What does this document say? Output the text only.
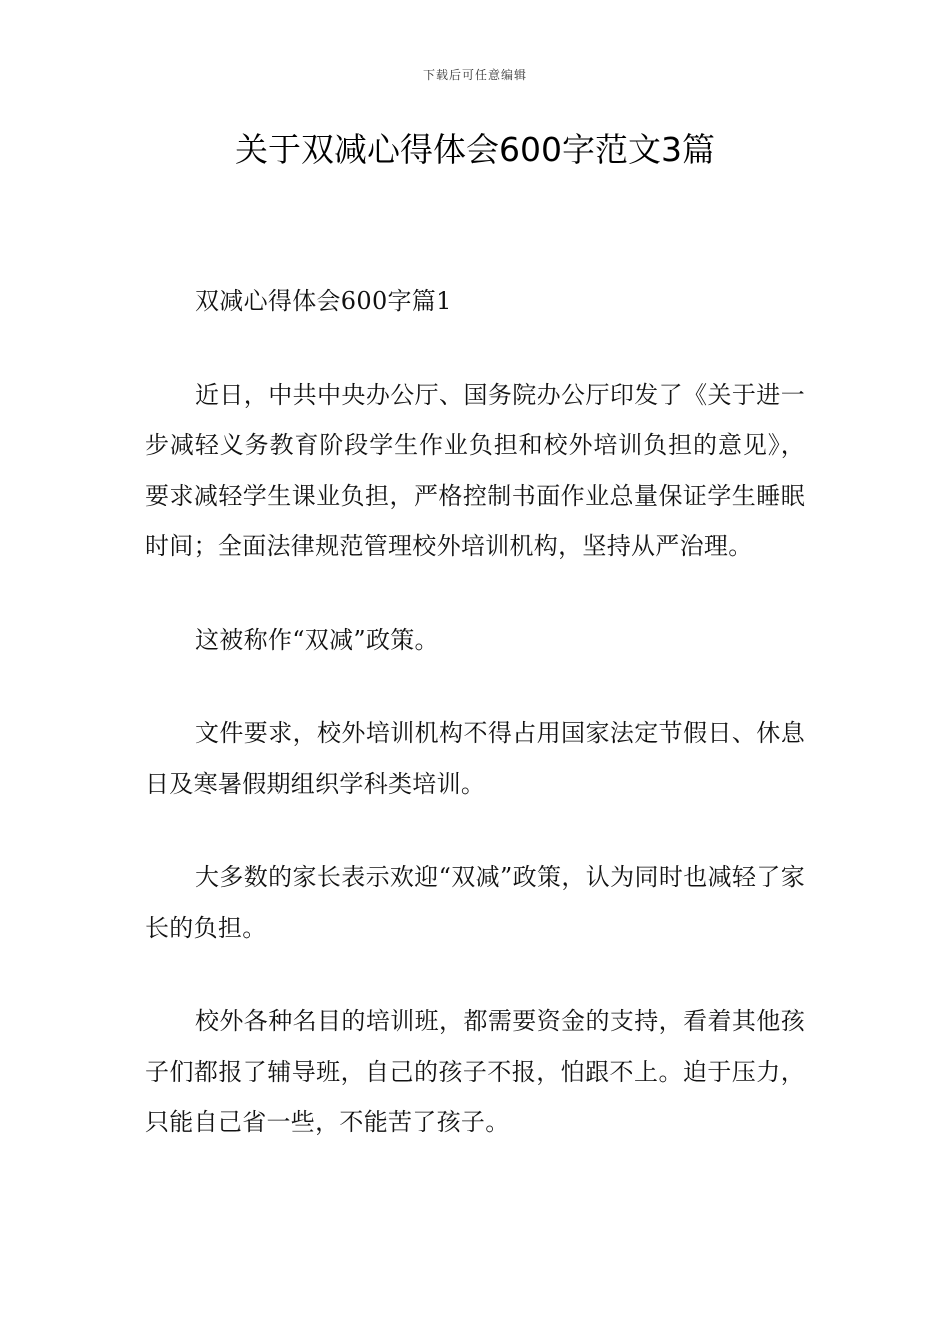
下载后可任意编辑
关于双减心得体会600字范文3篇

双减心得体会600字篇1

近日，中共中央办公厅、国务院办公厅印发了《关于进一步减轻义务教育阶段学生作业负担和校外培训负担的意见》，要求减轻学生课业负担，严格控制书面作业总量保证学生睡眠时间；全面法律规范管理校外培训机构，坚持从严治理。

这被称作“双减”政策。

文件要求，校外培训机构不得占用国家法定节假日、休息日及寒暑假期组织学科类培训。

大多数的家长表示欢迎“双减”政策，认为同时也减轻了家长的负担。

校外各种名目的培训班，都需要资金的支持，看着其他孩子们都报了辅导班，自己的孩子不报，怕跟不上。迫于压力，只能自己省一些，不能苦了孩子。
